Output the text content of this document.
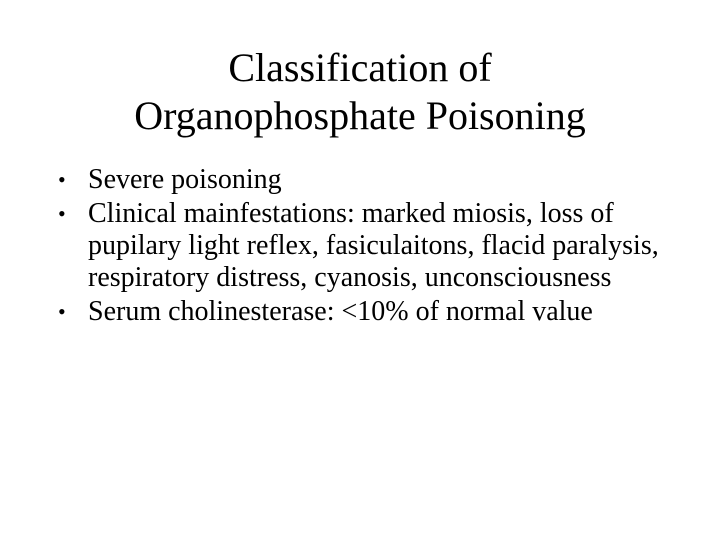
Classification of
Organophosphate Poisoning
• Severe poisoning
• Clinical mainfestations: marked miosis, loss of pupilary light reflex, fasiculaitons, flacid paralysis, respiratory distress, cyanosis, unconsciousness
• Serum cholinesterase: <10% of normal value
